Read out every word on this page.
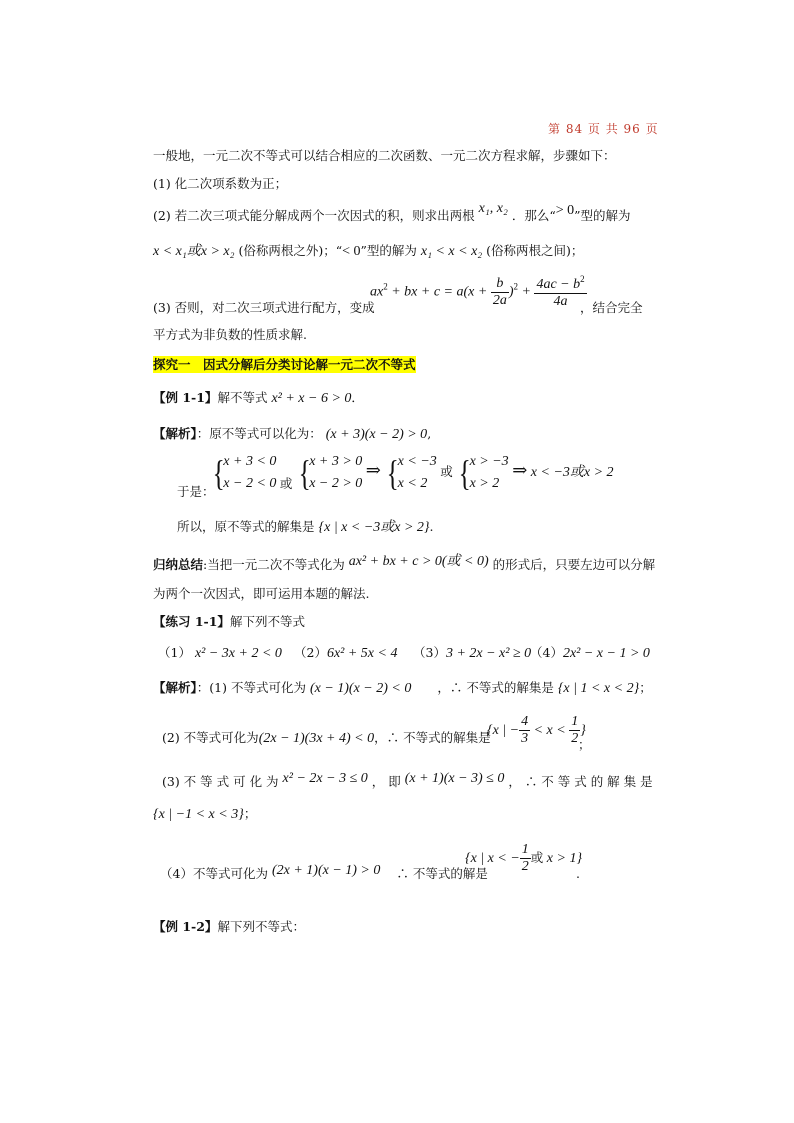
第 84 页 共 96 页
一般地，一元二次不等式可以结合相应的二次函数、一元二次方程求解，步骤如下：
(1) 化二次项系数为正；
(2) 若二次三项式能分解成两个一次因式的积，则求出两根 x₁, x₂ ．那么“> 0”型的解为
x < x₁或x > x₂ (俗称两根之外)；“< 0”型的解为 x₁ < x < x₂ (俗称两根之间)；
(3) 否则，对二次三项式进行配方，变成
$ax^2$ + bx + $c = a(x + \frac{b}{2a} )^2 + \frac{4ac - b^2}{4a}$
，结合完全
平方式为非负数的性质求解.
探究一　因式分解后分类讨论解一元二次不等式
【例 1-1】解不等式 x² + x − 6 > 0．
【解析】：原不等式可以化为： (x + 3)(x − 2) > 0,
于是：
{x + 3 < 0
x − 2 < 0 或 {x + 3 > 0
x − 2 > 0 ⇒ {x < −3
x < 2 或 {x > −3
x > 2 ⇒ x < −3或x > 2
所以，原不等式的解集是 {x | x < −3或x > 2}.
归纳总结:当把一元二次不等式化为 ax² + bx + c > 0(或 < 0) 的形式后，只要左边可以分解
为两个一次因式，即可运用本题的解法.
【练习 1-1】解下列不等式
（1） x² − 3x + 2 < 0 （2）6x² + 5x < 4 （3）3 + 2x − x² ≥ 0
（4）2x² − x − 1 > 0
【解析】：(1) 不等式可化为 (x − 1)(x − 2) < 0 ，∴ 不等式的解集是 {x | 1 < x < 2}；
(2) 不等式可化为(2x − 1)(3x + 4) < 0，∴ 不等式的解集是
{x | − $\frac{4}{3} < x < \frac{1}{2}$ }
；
(3) 不 等 式 可 化 为 x² − 2x − 3 ≤ 0 ， 即 (x + 1)(x − 3) ≤ 0 ， ∴ 不 等 式 的 解 集 是
{x | −1 < x < 3}；
（4）不等式可化为 (2x + 1)(x − 1) > 0 ∴ 不等式的解是
{x | x < − $\frac{1}{2}$ 或 x > 1}
.
【例 1-2】解下列不等式：
